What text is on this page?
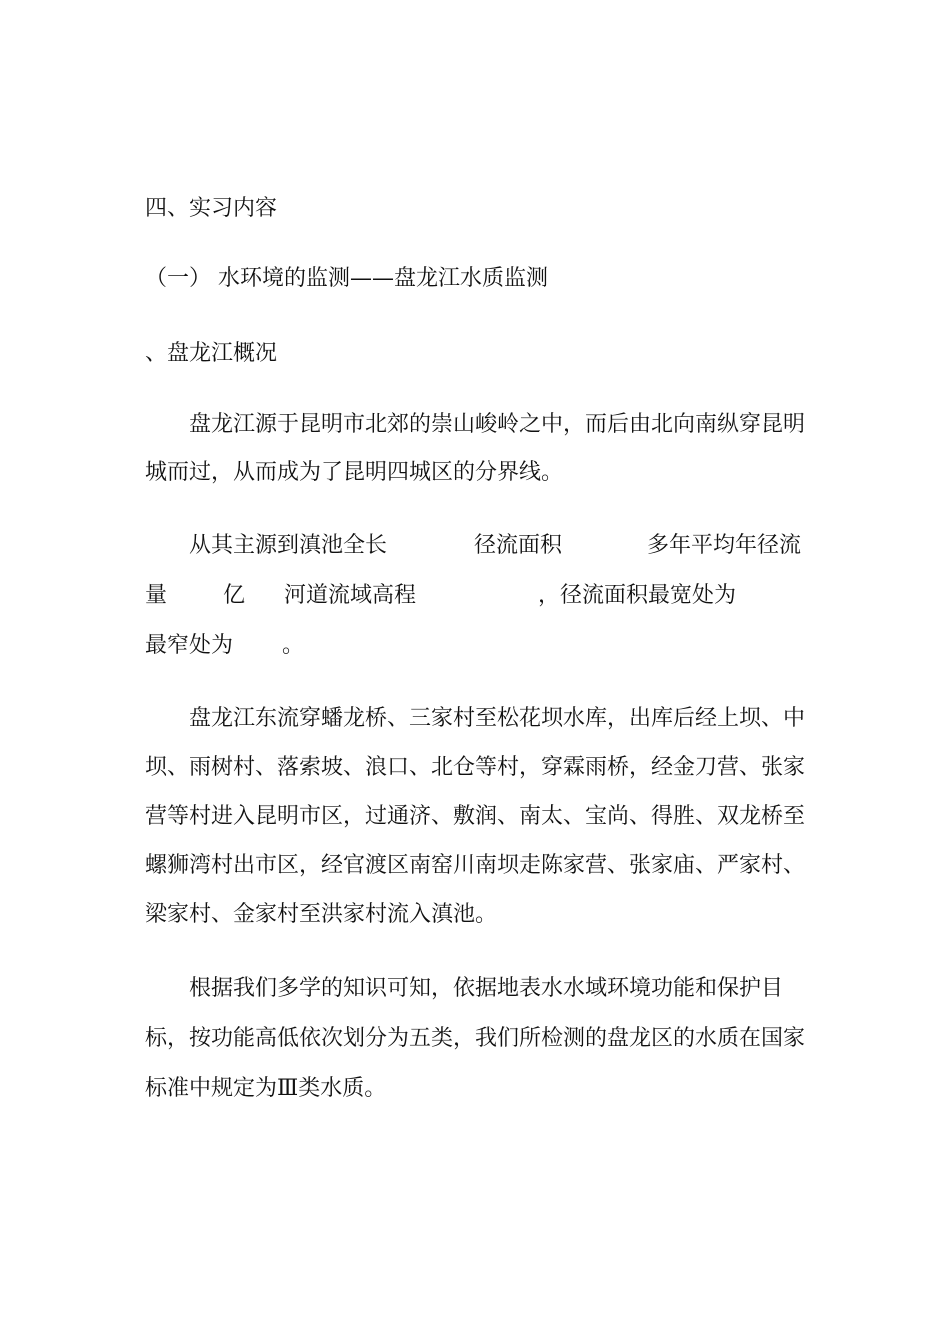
四、实习内容
（一） 水环境的监测——盘龙江水质监测
、盘龙江概况
盘龙江源于昆明市北郊的崇山峻岭之中，而后由北向南纵穿昆明
城而过，从而成为了昆明四城区的分界线。
从其主源到滇池全长	径流面积	多年平均年径流
量	亿 河道流域高程	，径流面积最宽处为
最窄处为 。
盘龙江东流穿蟠龙桥、三家村至松花坝水库，出库后经上坝、中
坝、雨树村、落索坡、浪口、北仓等村，穿霖雨桥，经金刀营、张家
营等村进入昆明市区，过通济、敷润、南太、宝尚、得胜、双龙桥至
螺狮湾村出市区，经官渡区南窑川南坝走陈家营、张家庙、严家村、
梁家村、金家村至洪家村流入滇池。
根据我们多学的知识可知，依据地表水水域环境功能和保护目
标，按功能高低依次划分为五类，我们所检测的盘龙区的水质在国家
标准中规定为Ⅲ类水质。
